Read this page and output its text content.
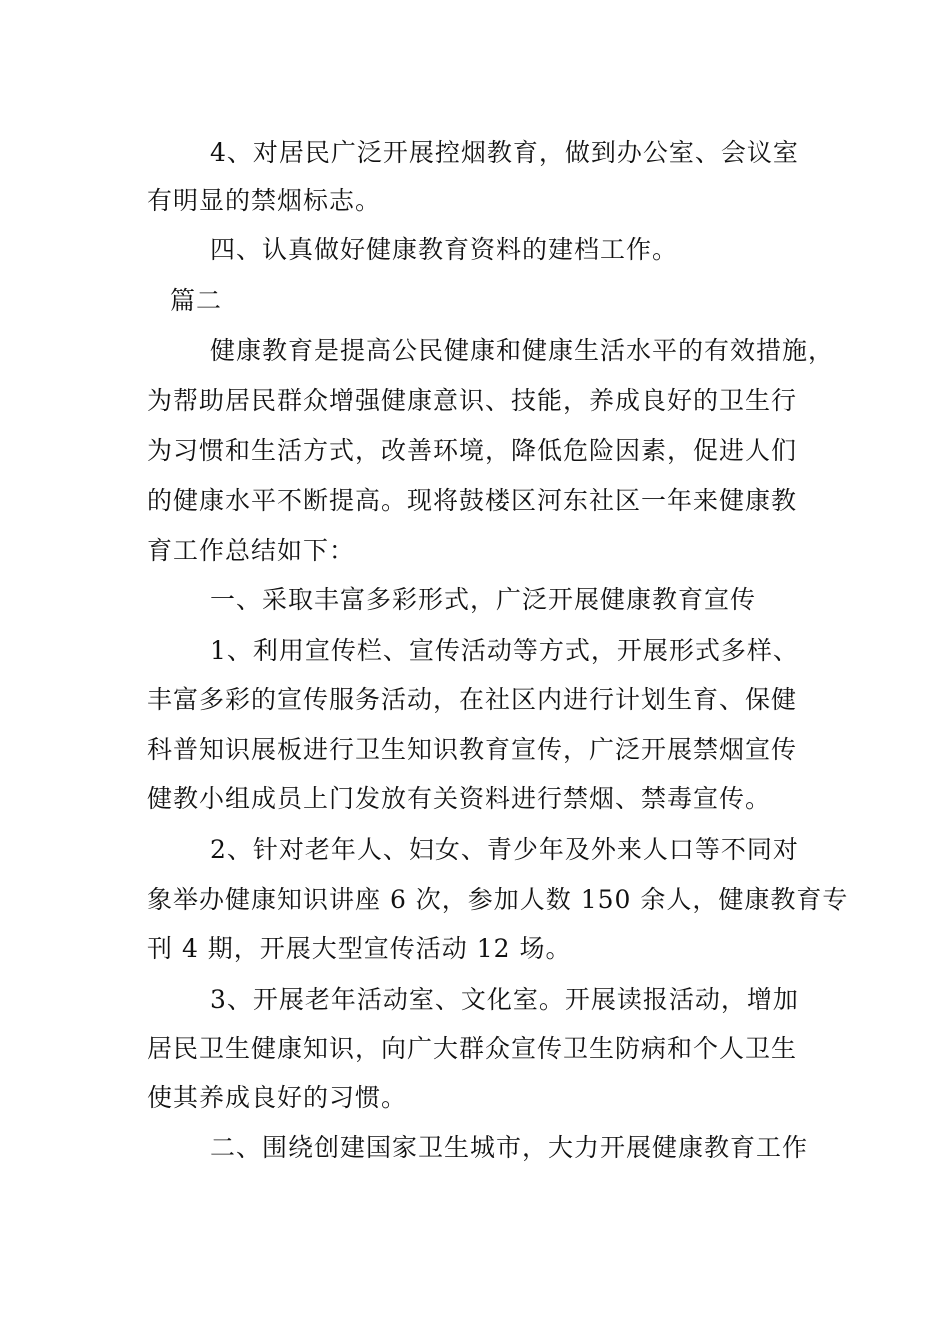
4、对居民广泛开展控烟教育，做到办公室、会议室
有明显的禁烟标志。
四、认真做好健康教育资料的建档工作。
篇二
健康教育是提高公民健康和健康生活水平的有效措施，
为帮助居民群众增强健康意识、技能，养成良好的卫生行
为习惯和生活方式，改善环境，降低危险因素，促进人们
的健康水平不断提高。现将鼓楼区河东社区一年来健康教
育工作总结如下：
一、采取丰富多彩形式，广泛开展健康教育宣传
1、利用宣传栏、宣传活动等方式，开展形式多样、
丰富多彩的宣传服务活动，在社区内进行计划生育、保健
科普知识展板进行卫生知识教育宣传，广泛开展禁烟宣传
健教小组成员上门发放有关资料进行禁烟、禁毒宣传。
2、针对老年人、妇女、青少年及外来人口等不同对
象举办健康知识讲座 6 次，参加人数 150 余人，健康教育专
刊 4 期，开展大型宣传活动 12 场。
3、开展老年活动室、文化室。开展读报活动，增加
居民卫生健康知识，向广大群众宣传卫生防病和个人卫生
使其养成良好的习惯。
二、围绕创建国家卫生城市，大力开展健康教育工作
